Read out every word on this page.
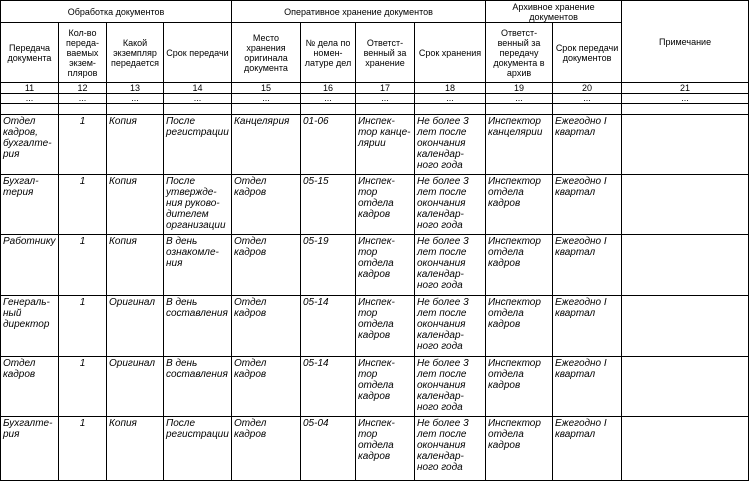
Обработка документов				Оперативное хранение документов				Архивное хранение документов		Примечание
Передача документа	Кол-во переда-ваемых экзем-пляров	Какой экземпляр передается	Срок передачи	Место хранения оригинала документа	№ дела по номен-латуре дел	Ответст-венный за хранение	Срок хранения	Ответст-венный за передачу документа в архив	Срок передачи документов	
11	12	13	14	15	16	17	18	19	20	21
...	...	...	...	...	...	...	...	...	...	...

Отдел кадров, бухгалте-рия	1	Копия	После регистрации	Канцелярия	01-06	Инспек-тор канце-лярии	Не более 3 лет после окончания календар-ного года	Инспектор канцелярии	Ежегодно I квартал	
Бухгал-терия	1	Копия	После утвержде-ния руково-дителем организации	Отдел кадров	05-15	Инспек-тор отдела кадров	Не более 3 лет после окончания календар-ного года	Инспектор отдела кадров	Ежегодно I квартал	
Работнику	1	Копия	В день ознакомле-ния	Отдел кадров	05-19	Инспек-тор отдела кадров	Не более 3 лет после окончания календар-ного года	Инспектор отдела кадров	Ежегодно I квартал	
Генераль-ный директор	1	Оригинал	В день составления	Отдел кадров	05-14	Инспек-тор отдела кадров	Не более 3 лет после окончания календар-ного года	Инспектор отдела кадров	Ежегодно I квартал	
Отдел кадров	1	Оригинал	В день составления	Отдел кадров	05-14	Инспек-тор отдела кадров	Не более 3 лет после окончания календар-ного года	Инспектор отдела кадров	Ежегодно I квартал	
Бухгалте-рия	1	Копия	После регистрации	Отдел кадров	05-04	Инспек-тор отдела кадров	Не более 3 лет после окончания календар-ного года	Инспектор отдела кадров	Ежегодно I квартал	
